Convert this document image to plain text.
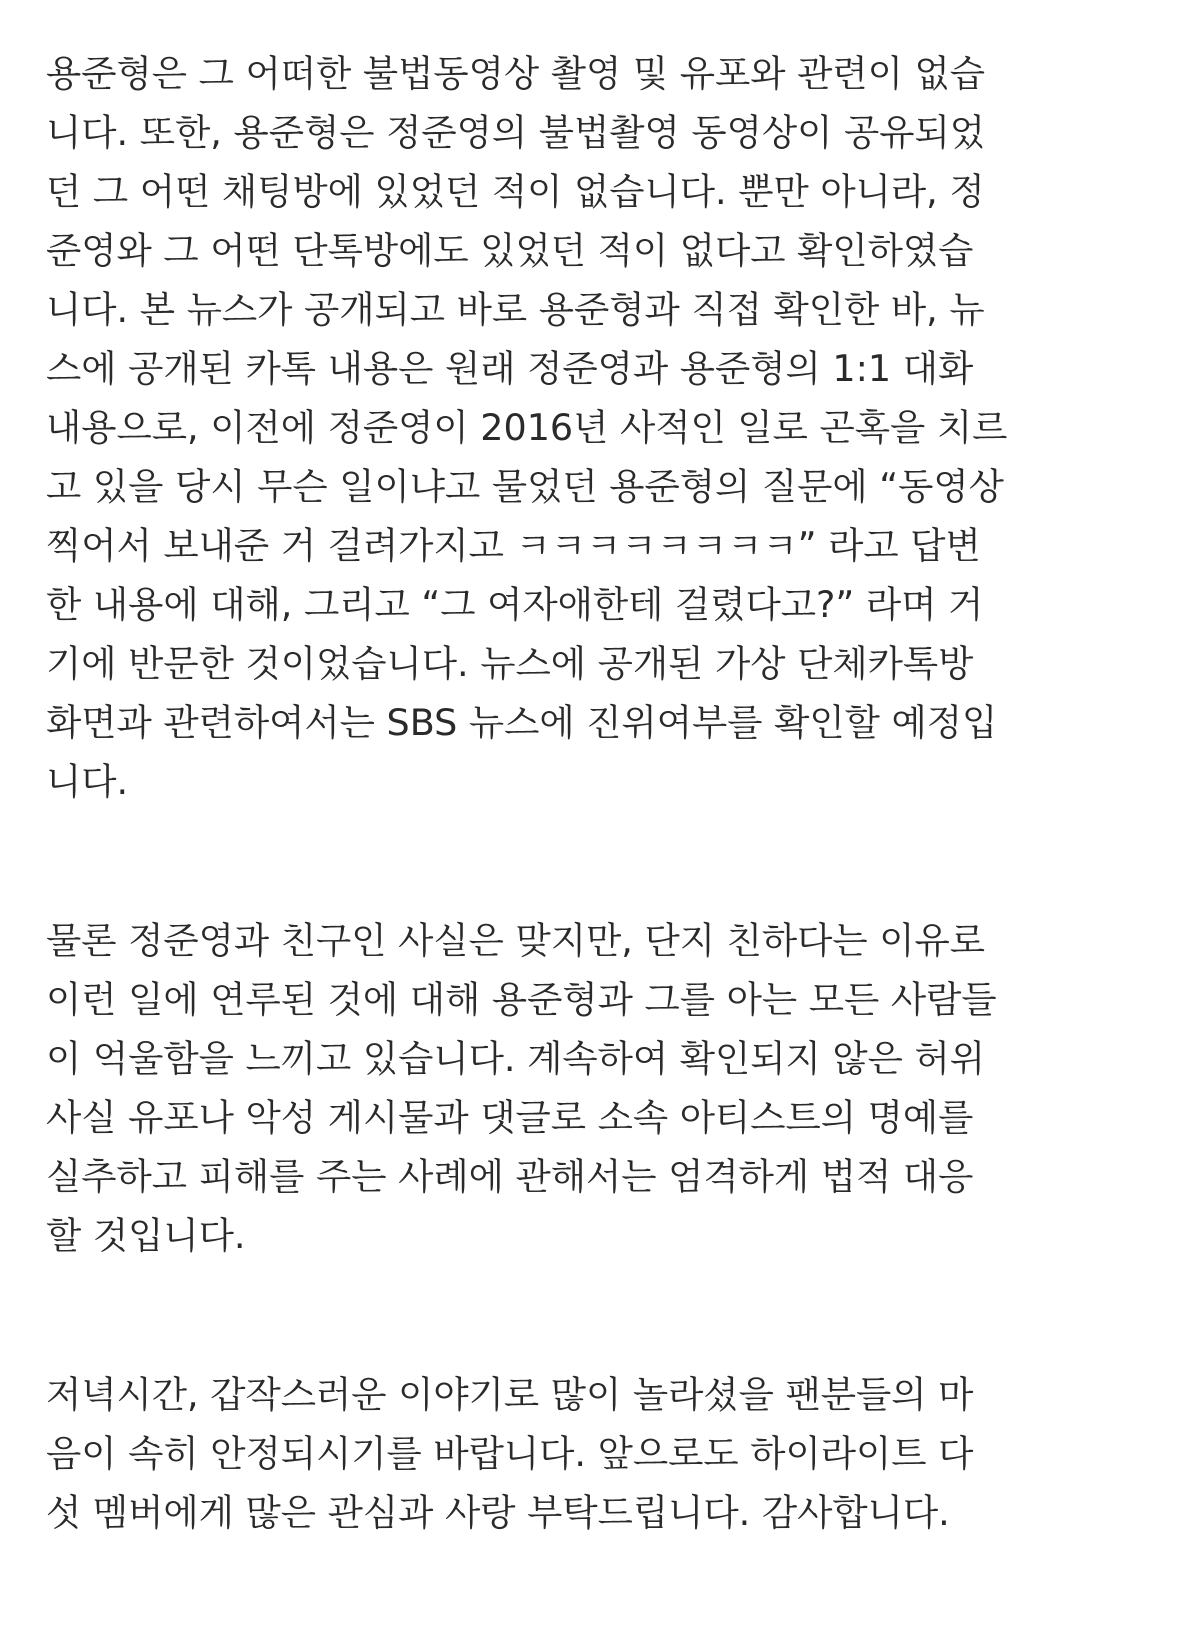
용준형은 그 어떠한 불법동영상 촬영 및 유포와 관련이 없습
니다. 또한, 용준형은 정준영의 불법촬영 동영상이 공유되었
던 그 어떤 채팅방에 있었던 적이 없습니다. 뿐만 아니라, 정
준영와 그 어떤 단톡방에도 있었던 적이 없다고 확인하였습
니다. 본 뉴스가 공개되고 바로 용준형과 직접 확인한 바, 뉴
스에 공개된 카톡 내용은 원래 정준영과 용준형의 1:1 대화
내용으로, 이전에 정준영이 2016년 사적인 일로 곤혹을 치르
고 있을 당시 무슨 일이냐고 물었던 용준형의 질문에 “동영상
찍어서 보내준 거 걸려가지고 ㅋㅋㅋㅋㅋㅋㅋㅋ” 라고 답변
한 내용에 대해, 그리고 “그 여자애한테 걸렸다고?” 라며 거
기에 반문한 것이었습니다. 뉴스에 공개된 가상 단체카톡방
화면과 관련하여서는 SBS 뉴스에 진위여부를 확인할 예정입
니다.

물론 정준영과 친구인 사실은 맞지만, 단지 친하다는 이유로
이런 일에 연루된 것에 대해 용준형과 그를 아는 모든 사람들
이 억울함을 느끼고 있습니다. 계속하여 확인되지 않은 허위
사실 유포나 악성 게시물과 댓글로 소속 아티스트의 명예를
실추하고 피해를 주는 사례에 관해서는 엄격하게 법적 대응
할 것입니다.

저녁시간, 갑작스러운 이야기로 많이 놀라셨을 팬분들의 마
음이 속히 안정되시기를 바랍니다. 앞으로도 하이라이트 다
섯 멤버에게 많은 관심과 사랑 부탁드립니다. 감사합니다.
